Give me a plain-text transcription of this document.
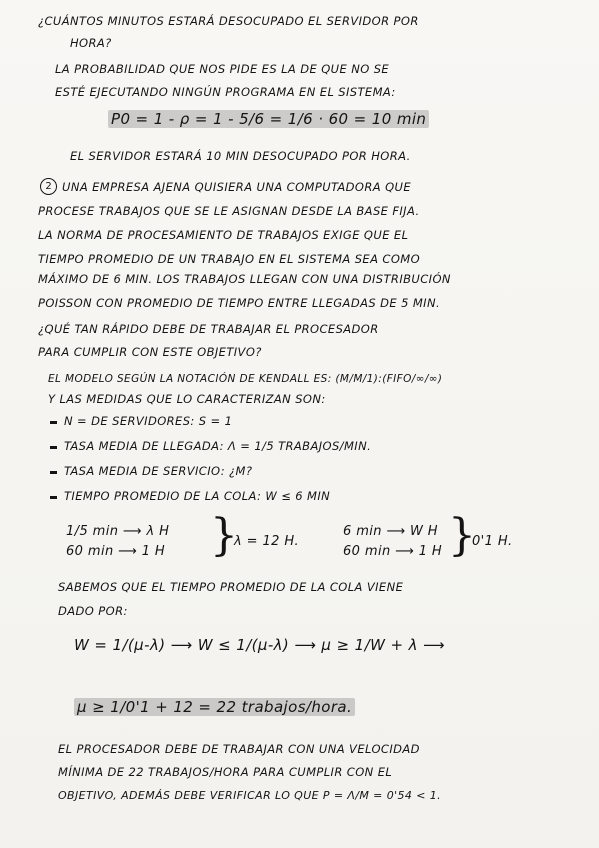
¿CUÁNTOS MINUTOS ESTARÁ DESOCUPADO EL SERVIDOR POR
HORA?
LA PROBABILIDAD QUE NOS PIDE ES LA DE QUE NO SE
ESTÉ EJECUTANDO NINGÚN PROGRAMA EN EL SISTEMA:
P0 = 1 - ρ = 1 - 5/6 = 1/6 · 60 = 10 min
EL SERVIDOR ESTARÁ 10 MIN DESOCUPADO POR HORA.
2 UNA EMPRESA AJENA QUISIERA UNA COMPUTADORA QUE
PROCESE TRABAJOS QUE SE LE ASIGNAN DESDE LA BASE FIJA.
LA NORMA DE PROCESAMIENTO DE TRABAJOS EXIGE QUE EL
TIEMPO PROMEDIO DE UN TRABAJO EN EL SISTEMA SEA COMO
MÁXIMO DE 6 MIN. LOS TRABAJOS LLEGAN CON UNA DISTRIBUCIÓN
POISSON CON PROMEDIO DE TIEMPO ENTRE LLEGADAS DE 5 MIN.
¿QUÉ TAN RÁPIDO DEBE DE TRABAJAR EL PROCESADOR
PARA CUMPLIR CON ESTE OBJETIVO?
EL MODELO SEGÚN LA NOTACIÓN DE KENDALL ES: (M/M/1):(FIFO/∞/∞)
Y LAS MEDIDAS QUE LO CARACTERIZAN SON:
N = DE SERVIDORES: S = 1
TASA MEDIA DE LLEGADA: Λ = 1/5 TRABAJOS/MIN.
TASA MEDIA DE SERVICIO: ¿Μ?
TIEMPO PROMEDIO DE LA COLA: W ≤ 6 MIN
1/5 min ⟶ λ H
60 min ⟶ 1 H }
λ = 12 H.
6 min ⟶ W H
60 min ⟶ 1 H }
0'1 H.
SABEMOS QUE EL TIEMPO PROMEDIO DE LA COLA VIENE
DADO POR:
W = 1/(μ-λ) ⟶ W ≤ 1/(μ-λ) ⟶ μ ≥ 1/W + λ ⟶
μ ≥ 1/0'1 + 12 = 22 trabajos/hora.
EL PROCESADOR DEBE DE TRABAJAR CON UNA VELOCIDAD
MÍNIMA DE 22 TRABAJOS/HORA PARA CUMPLIR CON EL
OBJETIVO, ADEMÁS DEBE VERIFICAR LO QUE Ρ = Λ/Μ = 0'54 < 1.
